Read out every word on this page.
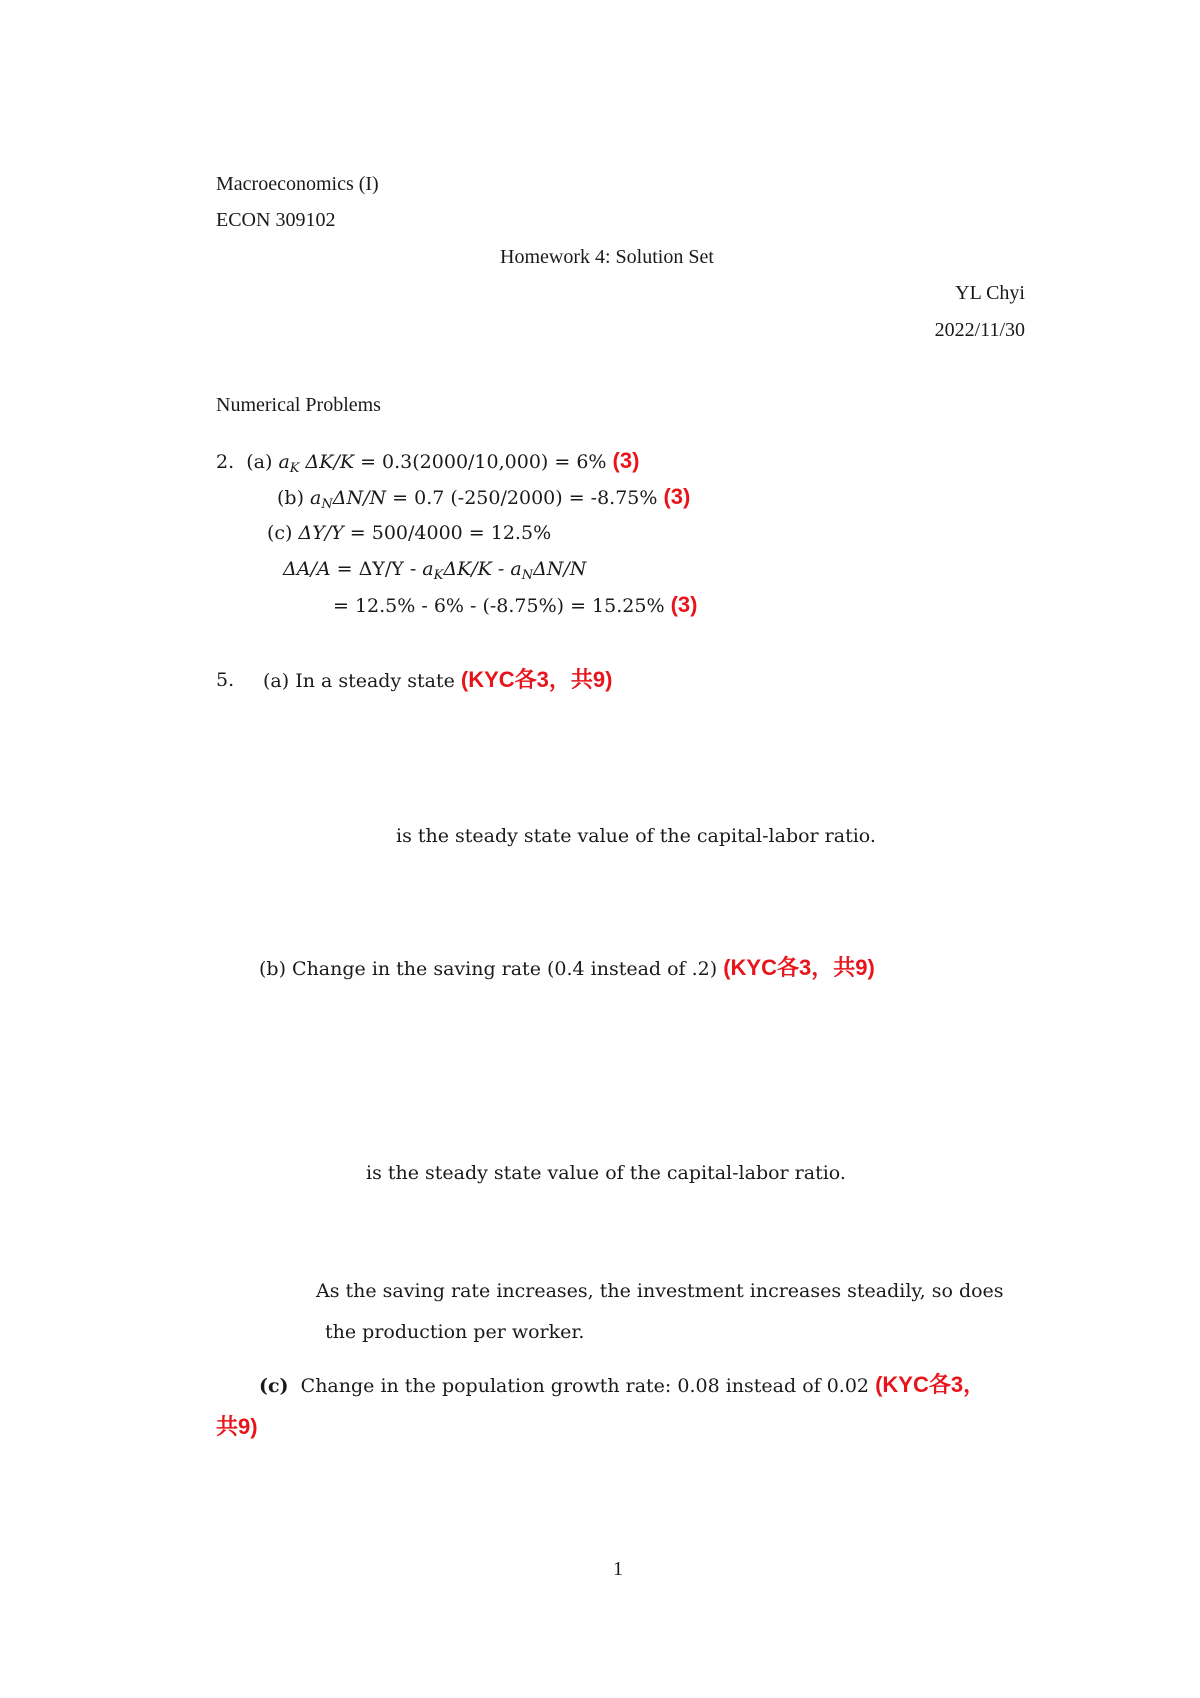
Macroeconomics (I)
ECON 309102
Homework 4: Solution Set
YL Chyi
2022/11/30
Numerical Problems
2. (a) $a_K$ ΔK/K = 0.3(2000/10,000) = 6% (3)
(b) $a_N\Delta N/N = 0.7$ (-250/2000) = -8.75% (3)
(c) ΔY/Y = 500/4000 = 12.5%
$\Delta A/A = \Delta Y/Y - a_K\Delta K/K - a_N\Delta N/N$
= 12.5% - 6% - (-8.75%) = 15.25% (3)
5. (a) In a steady state (KYC各3，共9)
is the steady state value of the capital-labor ratio.
(b) Change in the saving rate (0.4 instead of .2) (KYC各3，共9)
is the steady state value of the capital-labor ratio.
As the saving rate increases, the investment increases steadily, so does
the production per worker.
(c) Change in the population growth rate: 0.08 instead of 0.02 (KYC各3，
共9)
1
